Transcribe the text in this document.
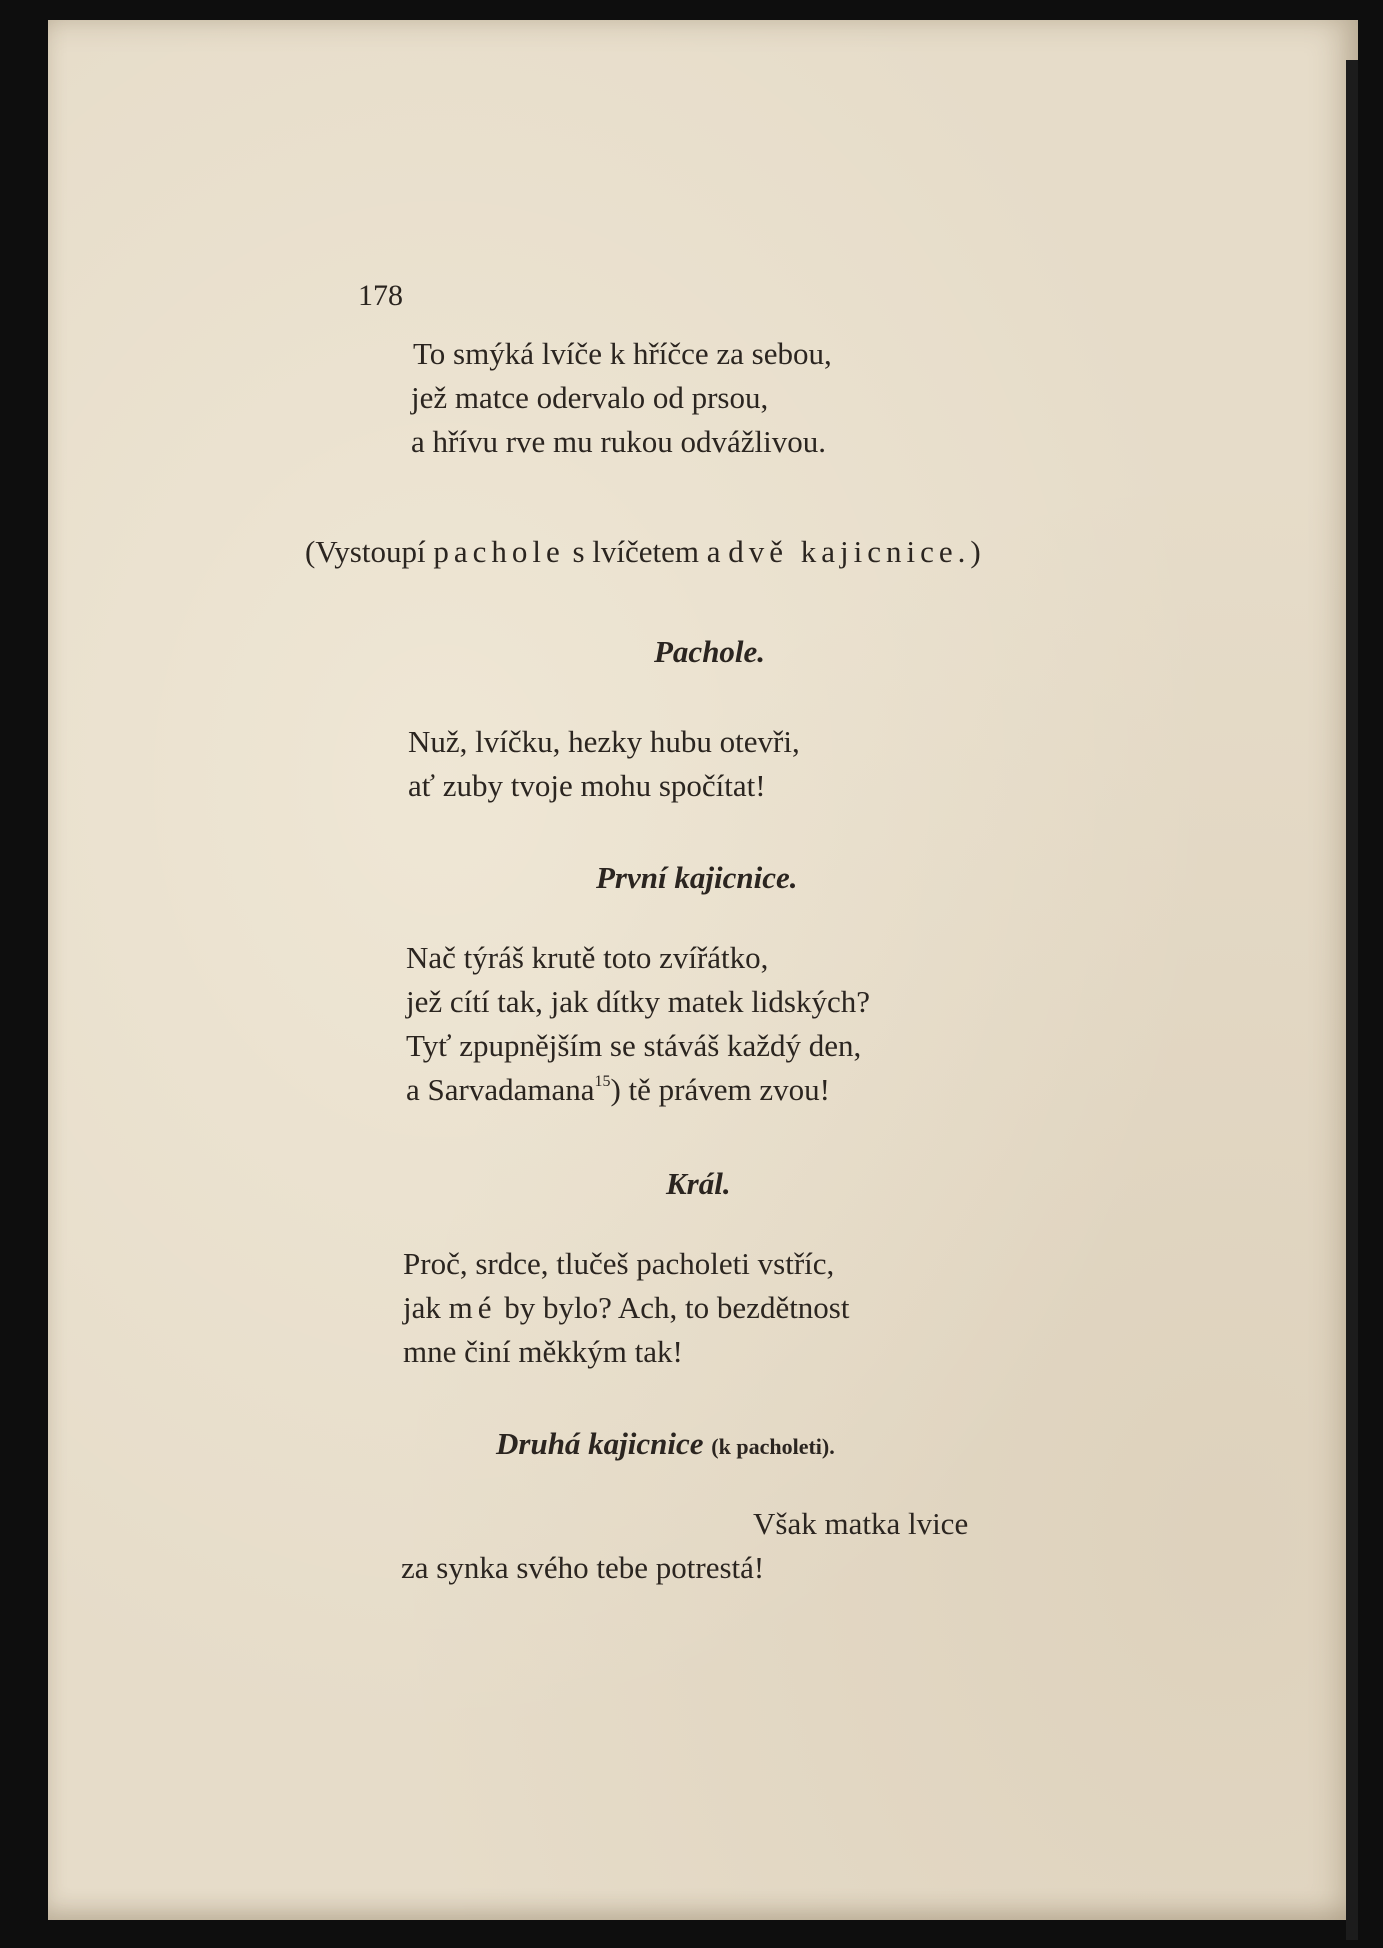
178
To smýká lvíče k hříčce za sebou,
jež matce odervalo od prsou,
a hřívu rve mu rukou odvážlivou.
(Vystoupí pachole s lvíčetem a dvě kajicnice.)
Pachole.
Nuž, lvíčku, hezky hubu otevři,
ať zuby tvoje mohu spočítat!
První kajicnice.
Nač týráš krutě toto zvířátko,
jež cítí tak, jak dítky matek lidských?
Tyť zpupnějším se stáváš každý den,
a Sarvadamana$^{15}$) tě právem zvou!
Král.
Proč, srdce, tlučeš pacholeti vstříc,
jak mé by bylo? Ach, to bezdětnost
mne činí měkkým tak!
Druhá kajicnice (k pacholeti).
Však matka lvice
za synka svého tebe potrestá!
